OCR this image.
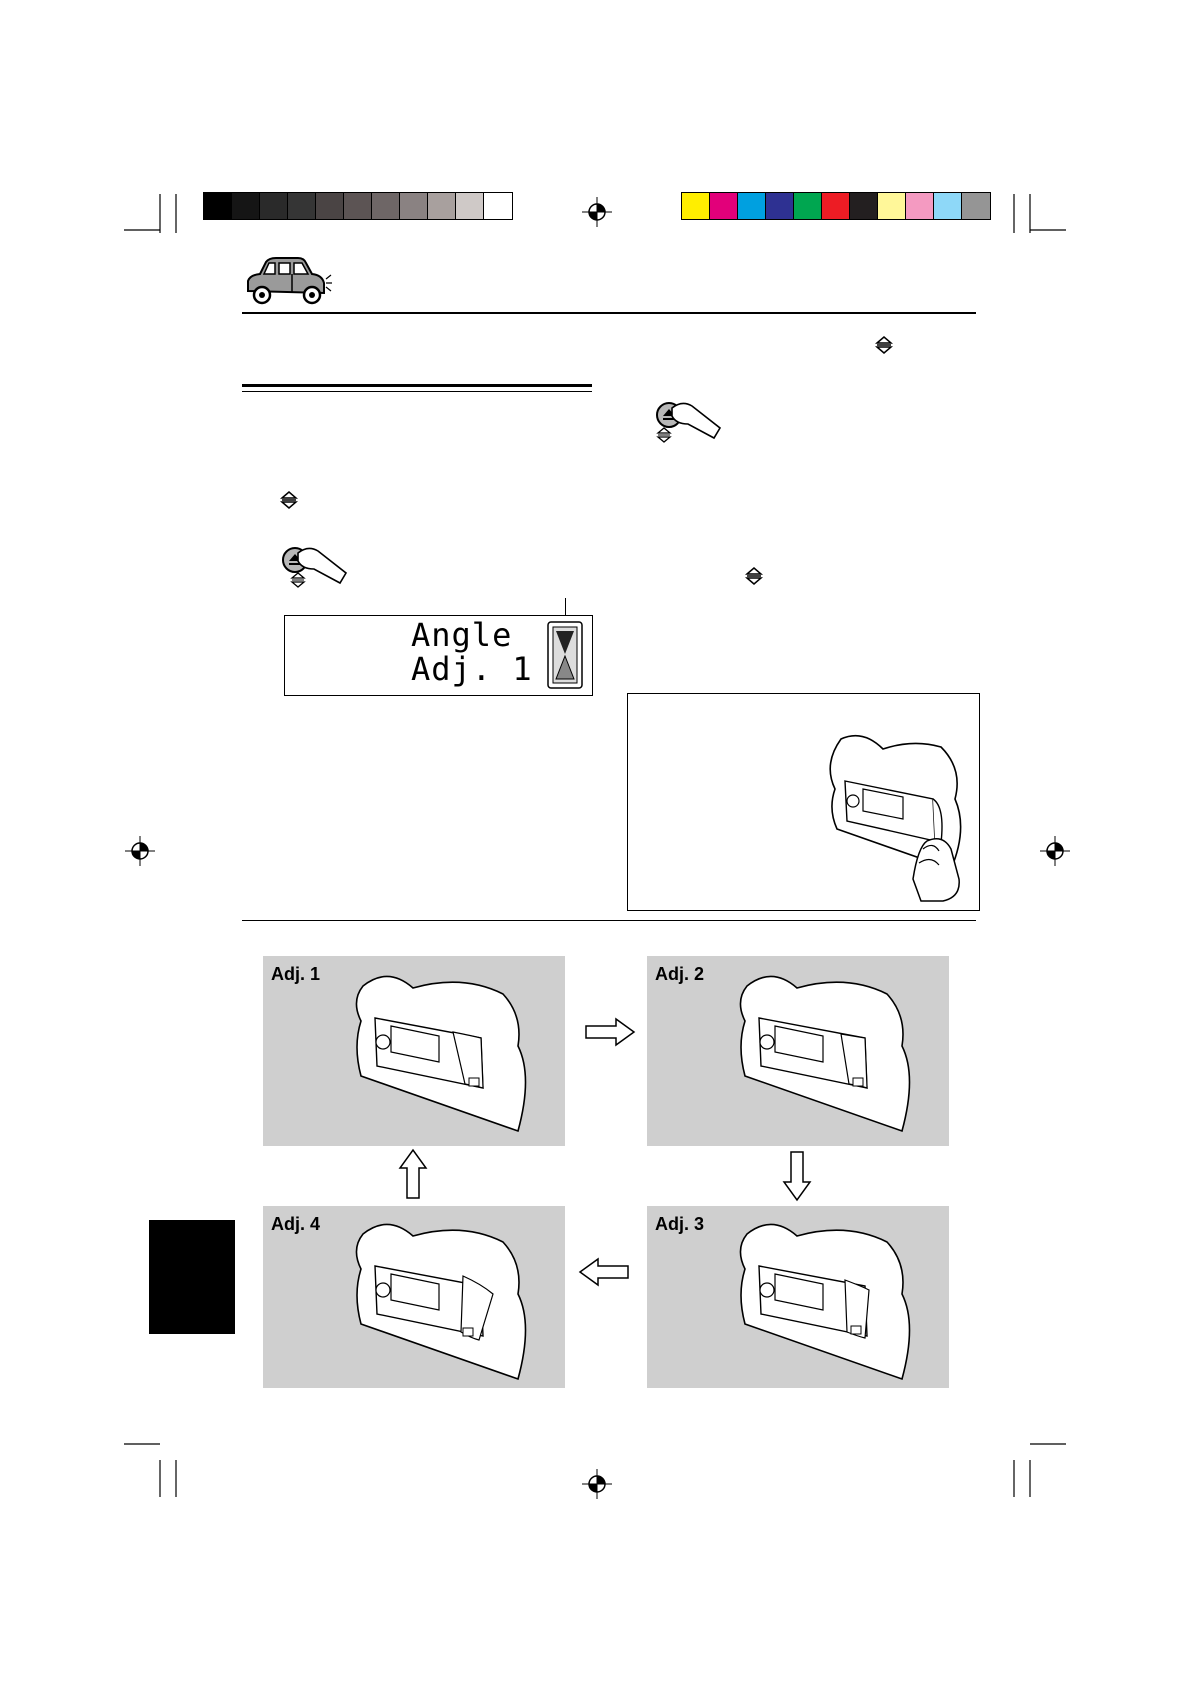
Angle
Adj. 1
Adj. 1	Adj. 2
Adj. 3
Adj. 4
